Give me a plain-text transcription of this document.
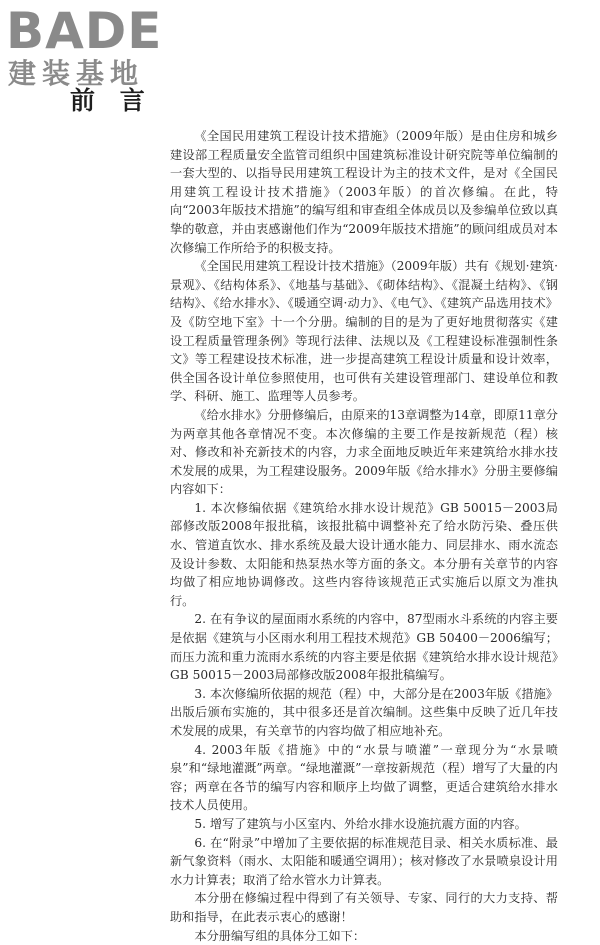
BADE
建装基地
前 言

《全国民用建筑工程设计技术措施》（2009年版）是由住房和城乡建设部工程质量安全监管司组织中国建筑标准设计研究院等单位编制的一套大型的、以指导民用建筑工程设计为主的技术文件，是对《全国民用建筑工程设计技术措施》（2003年版）的首次修编。在此，特向“2003年版技术措施”的编写组和审查组全体成员以及参编单位致以真挚的敬意，并由衷感谢他们作为“2009年版技术措施”的顾问组成员对本次修编工作所给予的积极支持。

《全国民用建筑工程设计技术措施》（2009年版）共有《规划·建筑·景观》、《结构体系》、《地基与基础》、《砌体结构》、《混凝土结构》、《钢结构》、《给水排水》、《暖通空调·动力》、《电气》、《建筑产品选用技术》及《防空地下室》十一个分册。编制的目的是为了更好地贯彻落实《建设工程质量管理条例》等现行法律、法规以及《工程建设标准强制性条文》等工程建设技术标准，进一步提高建筑工程设计质量和设计效率，供全国各设计单位参照使用，也可供有关建设管理部门、建设单位和教学、科研、施工、监理等人员参考。

《给水排水》分册修编后，由原来的13章调整为14章，即原11章分为两章其他各章情况不变。本次修编的主要工作是按新规范（程）核对、修改和补充新技术的内容，力求全面地反映近年来建筑给水排水技术发展的成果，为工程建设服务。2009年版《给水排水》分册主要修编内容如下：

1. 本次修编依据《建筑给水排水设计规范》GB 50015－2003局部修改版2008年报批稿，该报批稿中调整补充了给水防污染、叠压供水、管道直饮水、排水系统及最大设计通水能力、同层排水、雨水流态及设计参数、太阳能和热泵热水等方面的条文。本分册有关章节的内容均做了相应地协调修改。这些内容待该规范正式实施后以原文为准执行。

2. 在有争议的屋面雨水系统的内容中，87型雨水斗系统的内容主要是依据《建筑与小区雨水利用工程技术规范》GB 50400－2006编写；而压力流和重力流雨水系统的内容主要是依据《建筑给水排水设计规范》GB 50015－2003局部修改版2008年报批稿编写。

3. 本次修编所依据的规范（程）中，大部分是在2003年版《措施》出版后颁布实施的，其中很多还是首次编制。这些集中反映了近几年技术发展的成果，有关章节的内容均做了相应地补充。

4. 2003年版《措施》中的“水景与喷灌”一章现分为“水景喷泉”和“绿地灌溉”两章。“绿地灌溉”一章按新规范（程）增写了大量的内容；两章在各节的编写内容和顺序上均做了调整，更适合建筑给水排水技术人员使用。

5. 增写了建筑与小区室内、外给水排水设施抗震方面的内容。

6. 在“附录”中增加了主要依据的标准规范目录、相关水质标准、最新气象资料（雨水、太阳能和暖通空调用）；核对修改了水景喷泉设计用水力计算表；取消了给水管水力计算表。

本分册在修编过程中得到了有关领导、专家、同行的大力支持、帮助和指导，在此表示衷心的感谢！

本分册编写组的具体分工如下：
